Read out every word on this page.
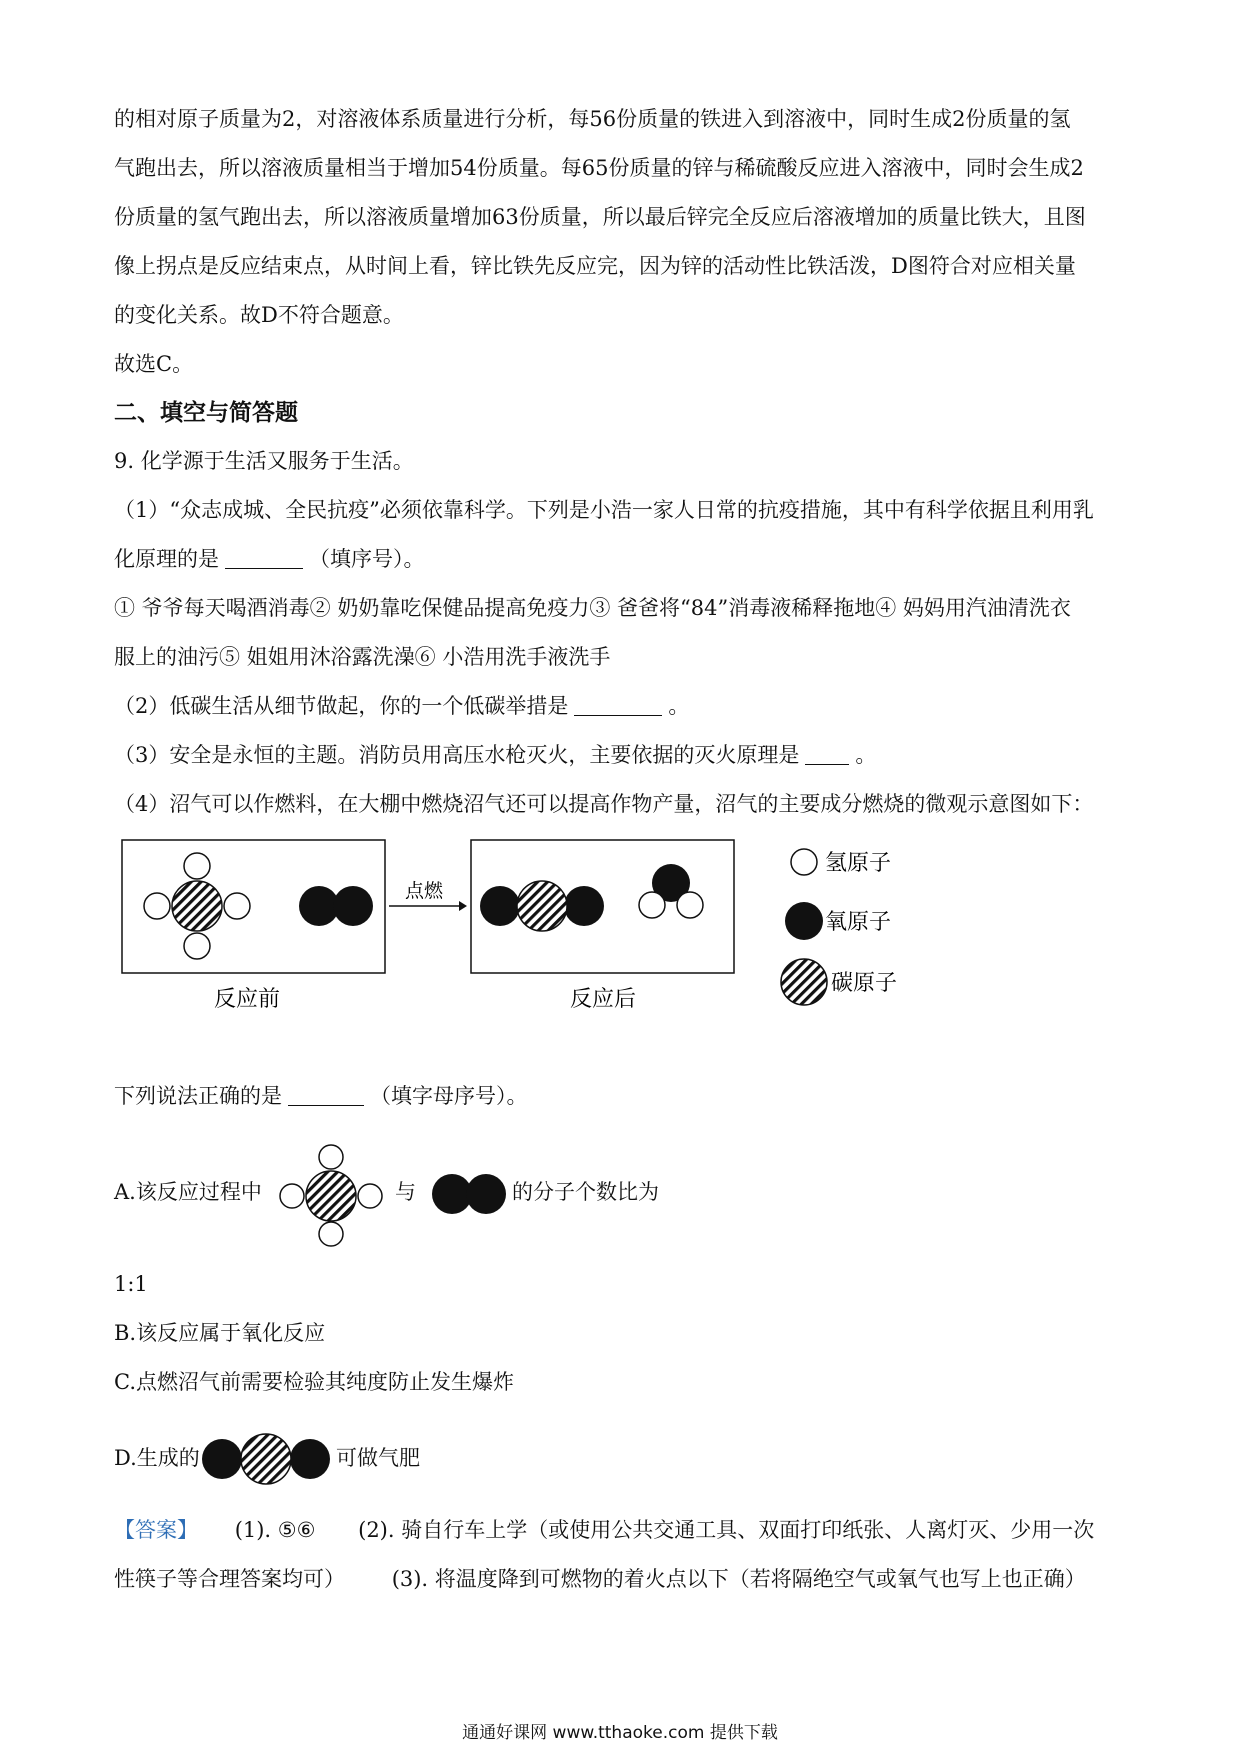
的相对原子质量为2，对溶液体系质量进行分析，每56份质量的铁进入到溶液中，同时生成2份质量的氢
气跑出去，所以溶液质量相当于增加54份质量。每65份质量的锌与稀硫酸反应进入溶液中，同时会生成2
份质量的氢气跑出去，所以溶液质量增加63份质量，所以最后锌完全反应后溶液增加的质量比铁大，且图
像上拐点是反应结束点，从时间上看，锌比铁先反应完，因为锌的活动性比铁活泼，D图符合对应相关量
的变化关系。故D不符合题意。
故选C。
二、填空与简答题
9. 化学源于生活又服务于生活。
（1）“众志成城、全民抗疫”必须依靠科学。下列是小浩一家人日常的抗疫措施，其中有科学依据且利用乳
化原理的是	（填序号）。
① 爷爷每天喝酒消毒② 奶奶靠吃保健品提高免疫力③ 爸爸将“84”消毒液稀释拖地④ 妈妈用汽油清洗衣
服上的油污⑤ 姐姐用沐浴露洗澡⑥ 小浩用洗手液洗手
（2）低碳生活从细节做起，你的一个低碳举措是	。
（3）安全是永恒的主题。消防员用高压水枪灭火，主要依据的灭火原理是	。
（4）沼气可以作燃料，在大棚中燃烧沼气还可以提高作物产量，沼气的主要成分燃烧的微观示意图如下：
点燃
反应前	反应后
氢原子
氧原子
碳原子
下列说法正确的是	（填字母序号）。
A.该反应过程中	与	的分子个数比为
1:1
B.该反应属于氧化反应
C.点燃沼气前需要检验其纯度防止发生爆炸
D.生成的	可做气肥
【答案】 (1). ⑤⑥ (2). 骑自行车上学（或使用公共交通工具、双面打印纸张、人离灯灭、少用一次
性筷子等合理答案均可） (3). 将温度降到可燃物的着火点以下（若将隔绝空气或氧气也写上也正确）
通通好课网 www.tthaoke.com 提供下载
